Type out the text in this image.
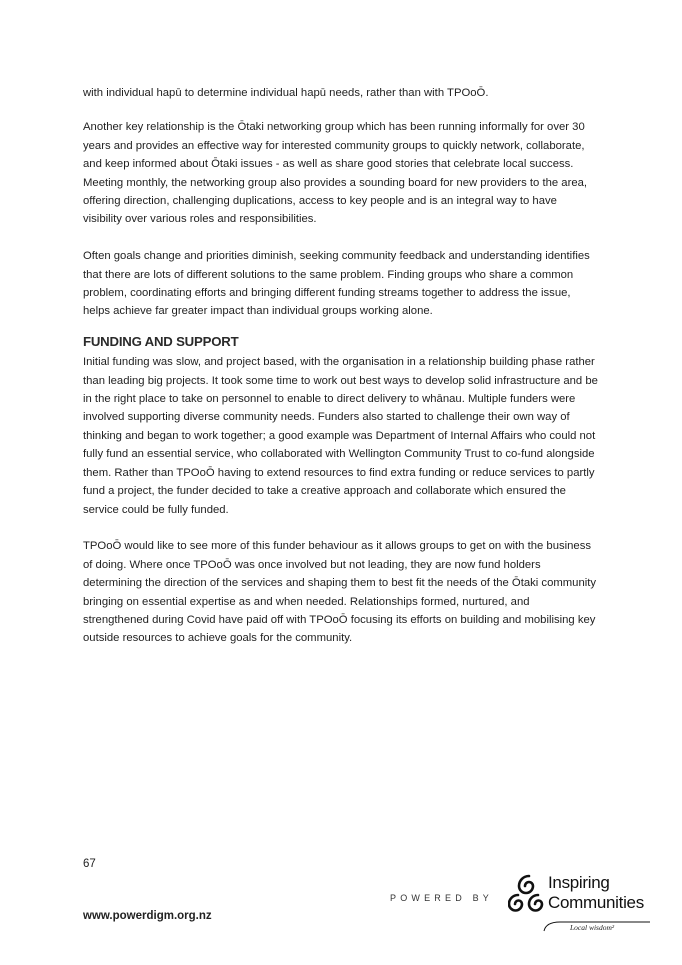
with individual hapū to determine individual hapū needs, rather than with TPOoŌ.

Another key relationship is the Ōtaki networking group which has been running informally for over 30 years and provides an effective way for interested community groups to quickly network, collaborate, and keep informed about Ōtaki issues - as well as share good stories that celebrate local success. Meeting monthly, the networking group also provides a sounding board for new providers to the area, offering direction, challenging duplications, access to key people and is an integral way to have visibility over various roles and responsibilities.

Often goals change and priorities diminish, seeking community feedback and understanding identifies that there are lots of different solutions to the same problem. Finding groups who share a common problem, coordinating efforts and bringing different funding streams together to address the issue, helps achieve far greater impact than individual groups working alone.

FUNDING AND SUPPORT

Initial funding was slow, and project based, with the organisation in a relationship building phase rather than leading big projects. It took some time to work out best ways to develop solid infrastructure and be in the right place to take on personnel to enable to direct delivery to whānau. Multiple funders were involved supporting diverse community needs. Funders also started to challenge their own way of thinking and began to work together; a good example was Department of Internal Affairs who could not fully fund an essential service, who collaborated with Wellington Community Trust to co-fund alongside them. Rather than TPOoŌ having to extend resources to find extra funding or reduce services to partly fund a project, the funder decided to take a creative approach and collaborate which ensured the service could be fully funded.

TPOoŌ would like to see more of this funder behaviour as it allows groups to get on with the business of doing. Where once TPOoŌ was once involved but not leading, they are now fund holders determining the direction of the services and shaping them to best fit the needs of the Ōtaki community bringing on essential expertise as and when needed. Relationships formed, nurtured, and strengthened during Covid have paid off with TPOoŌ focusing its efforts on building and mobilising key outside resources to achieve goals for the community.

67
www.powerdigm.org.nz
POWERED BY
Inspiring
Communities
Local wisdom²
